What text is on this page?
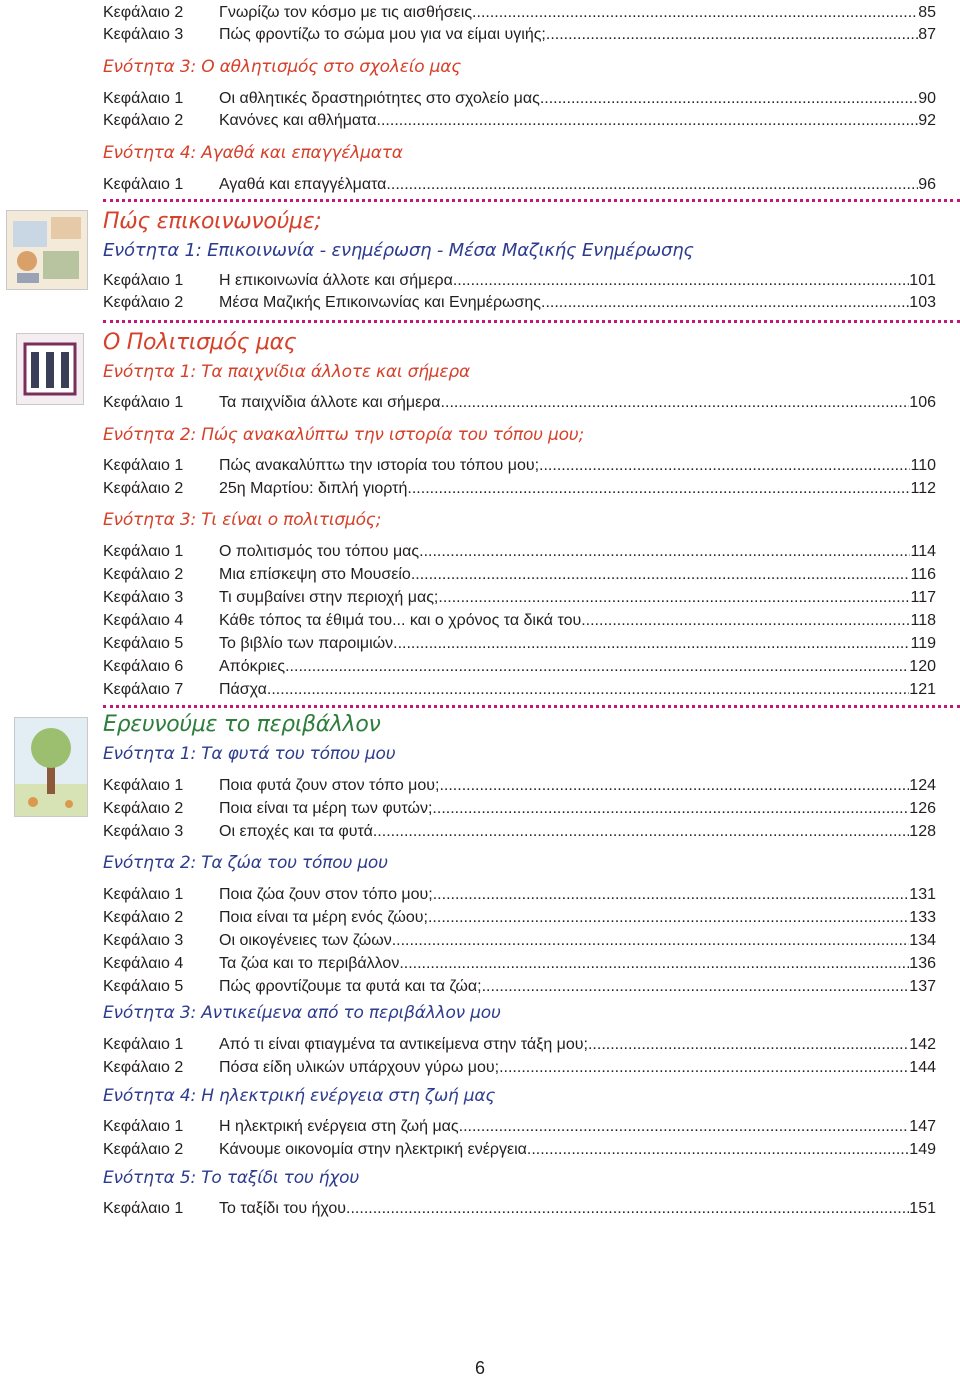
Κεφάλαιο 2	Γνωρίζω τον κόσμο με τις αισθήσεις .....	85
Κεφάλαιο 3	Πώς φροντίζω το σώμα μου για να είμαι υγιής; .....	87
Ενότητα 3: Ο αθλητισμός στο σχολείο μας
Κεφάλαιο 1	Οι αθλητικές δραστηριότητες στο σχολείο μας .....	90
Κεφάλαιο 2	Κανόνες και αθλήματα .....	92
Ενότητα 4: Αγαθά και επαγγέλματα
Κεφάλαιο 1	Αγαθά και επαγγέλματα .....	96
Πώς επικοινωνούμε;
Ενότητα 1: Επικοινωνία - ενημέρωση - Μέσα Μαζικής Ενημέρωσης
Κεφάλαιο 1	Η επικοινωνία άλλοτε και σήμερα .....	101
Κεφάλαιο 2	Μέσα Μαζικής Επικοινωνίας και Ενημέρωσης .....	103
Ο Πολιτισμός μας
Ενότητα 1: Τα παιχνίδια άλλοτε και σήμερα
Κεφάλαιο 1	Τα παιχνίδια άλλοτε και σήμερα .....	106
Ενότητα 2: Πώς ανακαλύπτω την ιστορία του τόπου μου;
Κεφάλαιο 1	Πώς ανακαλύπτω την ιστορία του τόπου μου; .....	110
Κεφάλαιο 2	25η Μαρτίου: διπλή γιορτή .....	112
Ενότητα 3: Τι είναι ο πολιτισμός;
Κεφάλαιο 1	Ο πολιτισμός του τόπου μας .....	114
Κεφάλαιο 2	Μια επίσκεψη στο Μουσείο .....	116
Κεφάλαιο 3	Τι συμβαίνει στην περιοχή μας; .....	117
Κεφάλαιο 4	Κάθε τόπος τα έθιμά του... και ο χρόνος τα δικά του .....	118
Κεφάλαιο 5	Το βιβλίο των παροιμιών .....	119
Κεφάλαιο 6	Απόκριες .....	120
Κεφάλαιο 7	Πάσχα .....	121
Ερευνούμε το περιβάλλον
Ενότητα 1: Τα φυτά του τόπου μου
Κεφάλαιο 1	Ποια φυτά ζουν στον τόπο μου; .....	124
Κεφάλαιο 2	Ποια είναι τα μέρη των φυτών; .....	126
Κεφάλαιο 3	Οι εποχές και τα φυτά .....	128
Ενότητα 2: Τα ζώα του τόπου μου
Κεφάλαιο 1	Ποια ζώα ζουν στον τόπο μου; .....	131
Κεφάλαιο 2	Ποια είναι τα μέρη ενός ζώου; .....	133
Κεφάλαιο 3	Οι οικογένειες των ζώων .....	134
Κεφάλαιο 4	Τα ζώα και το περιβάλλον .....	136
Κεφάλαιο 5	Πώς φροντίζουμε τα φυτά και τα ζώα; .....	137
Ενότητα 3: Αντικείμενα από το περιβάλλον μου
Κεφάλαιο 1	Από τι είναι φτιαγμένα τα αντικείμενα στην τάξη μου; .....	142
Κεφάλαιο 2	Πόσα είδη υλικών υπάρχουν γύρω μου; .....	144
Ενότητα 4: Η ηλεκτρική ενέργεια στη ζωή μας
Κεφάλαιο 1	Η ηλεκτρική ενέργεια στη ζωή μας .....	147
Κεφάλαιο 2	Κάνουμε οικονομία στην ηλεκτρική ενέργεια .....	149
Ενότητα 5: Το ταξίδι του ήχου
Κεφάλαιο 1	Το ταξίδι του ήχου .....	151
6
